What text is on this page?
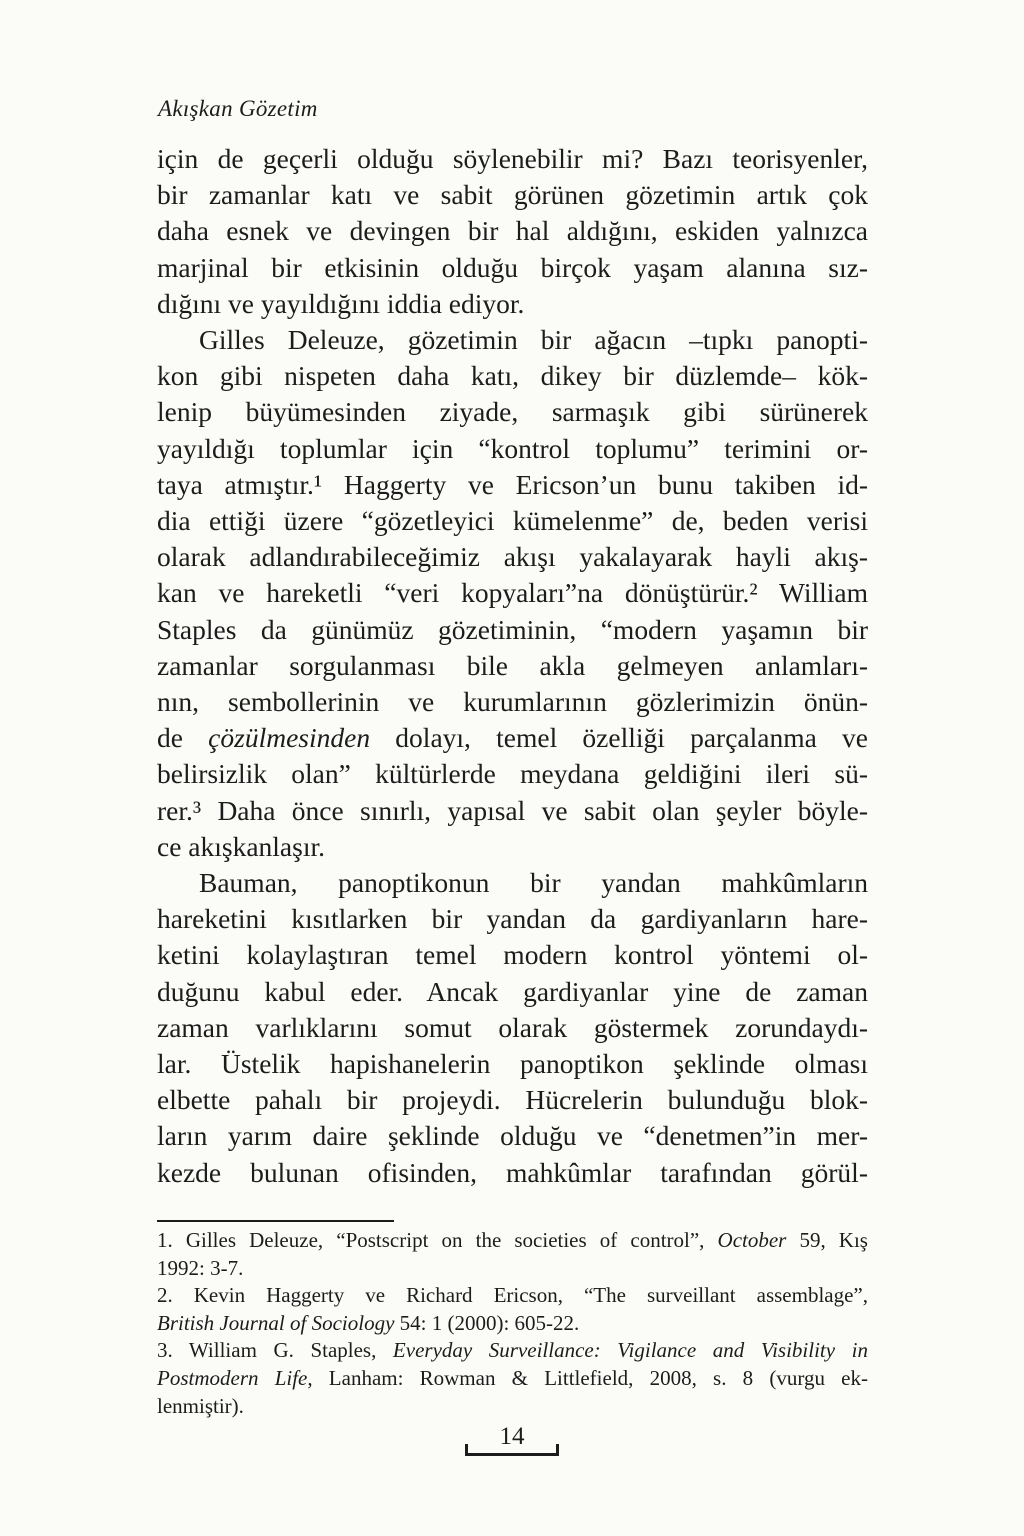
Akışkan Gözetim
için de geçerli olduğu söylenebilir mi? Bazı teorisyenler,
bir zamanlar katı ve sabit görünen gözetimin artık çok
daha esnek ve devingen bir hal aldığını, eskiden yalnızca
marjinal bir etkisinin olduğu birçok yaşam alanına sız-
dığını ve yayıldığını iddia ediyor.
Gilles Deleuze, gözetimin bir ağacın –tıpkı panopti-
kon gibi nispeten daha katı, dikey bir düzlemde– kök-
lenip büyümesinden ziyade, sarmaşık gibi sürünerek
yayıldığı toplumlar için “kontrol toplumu” terimini or-
taya atmıştır.¹ Haggerty ve Ericson’un bunu takiben id-
dia ettiği üzere “gözetleyici kümelenme” de, beden verisi
olarak adlandırabileceğimiz akışı yakalayarak hayli akış-
kan ve hareketli “veri kopyaları”na dönüştürür.² William
Staples da günümüz gözetiminin, “modern yaşamın bir
zamanlar sorgulanması bile akla gelmeyen anlamları-
nın, sembollerinin ve kurumlarının gözlerimizin önün-
de çözülmesinden dolayı, temel özelliği parçalanma ve
belirsizlik olan” kültürlerde meydana geldiğini ileri sü-
rer.³ Daha önce sınırlı, yapısal ve sabit olan şeyler böyle-
ce akışkanlaşır.
Bauman, panoptikonun bir yandan mahkûmların
hareketini kısıtlarken bir yandan da gardiyanların hare-
ketini kolaylaştıran temel modern kontrol yöntemi ol-
duğunu kabul eder. Ancak gardiyanlar yine de zaman
zaman varlıklarını somut olarak göstermek zorundaydı-
lar. Üstelik hapishanelerin panoptikon şeklinde olması
elbette pahalı bir projeydi. Hücrelerin bulunduğu blok-
ların yarım daire şeklinde olduğu ve “denetmen”in mer-
kezde bulunan ofisinden, mahkûmlar tarafından görül-
1. Gilles Deleuze, “Postscript on the societies of control”, October 59, Kış
1992: 3-7.
2. Kevin Haggerty ve Richard Ericson, “The surveillant assemblage”,
British Journal of Sociology 54: 1 (2000): 605-22.
3. William G. Staples, Everyday Surveillance: Vigilance and Visibility in
Postmodern Life, Lanham: Rowman & Littlefield, 2008, s. 8 (vurgu ek-
lenmiştir).
14
